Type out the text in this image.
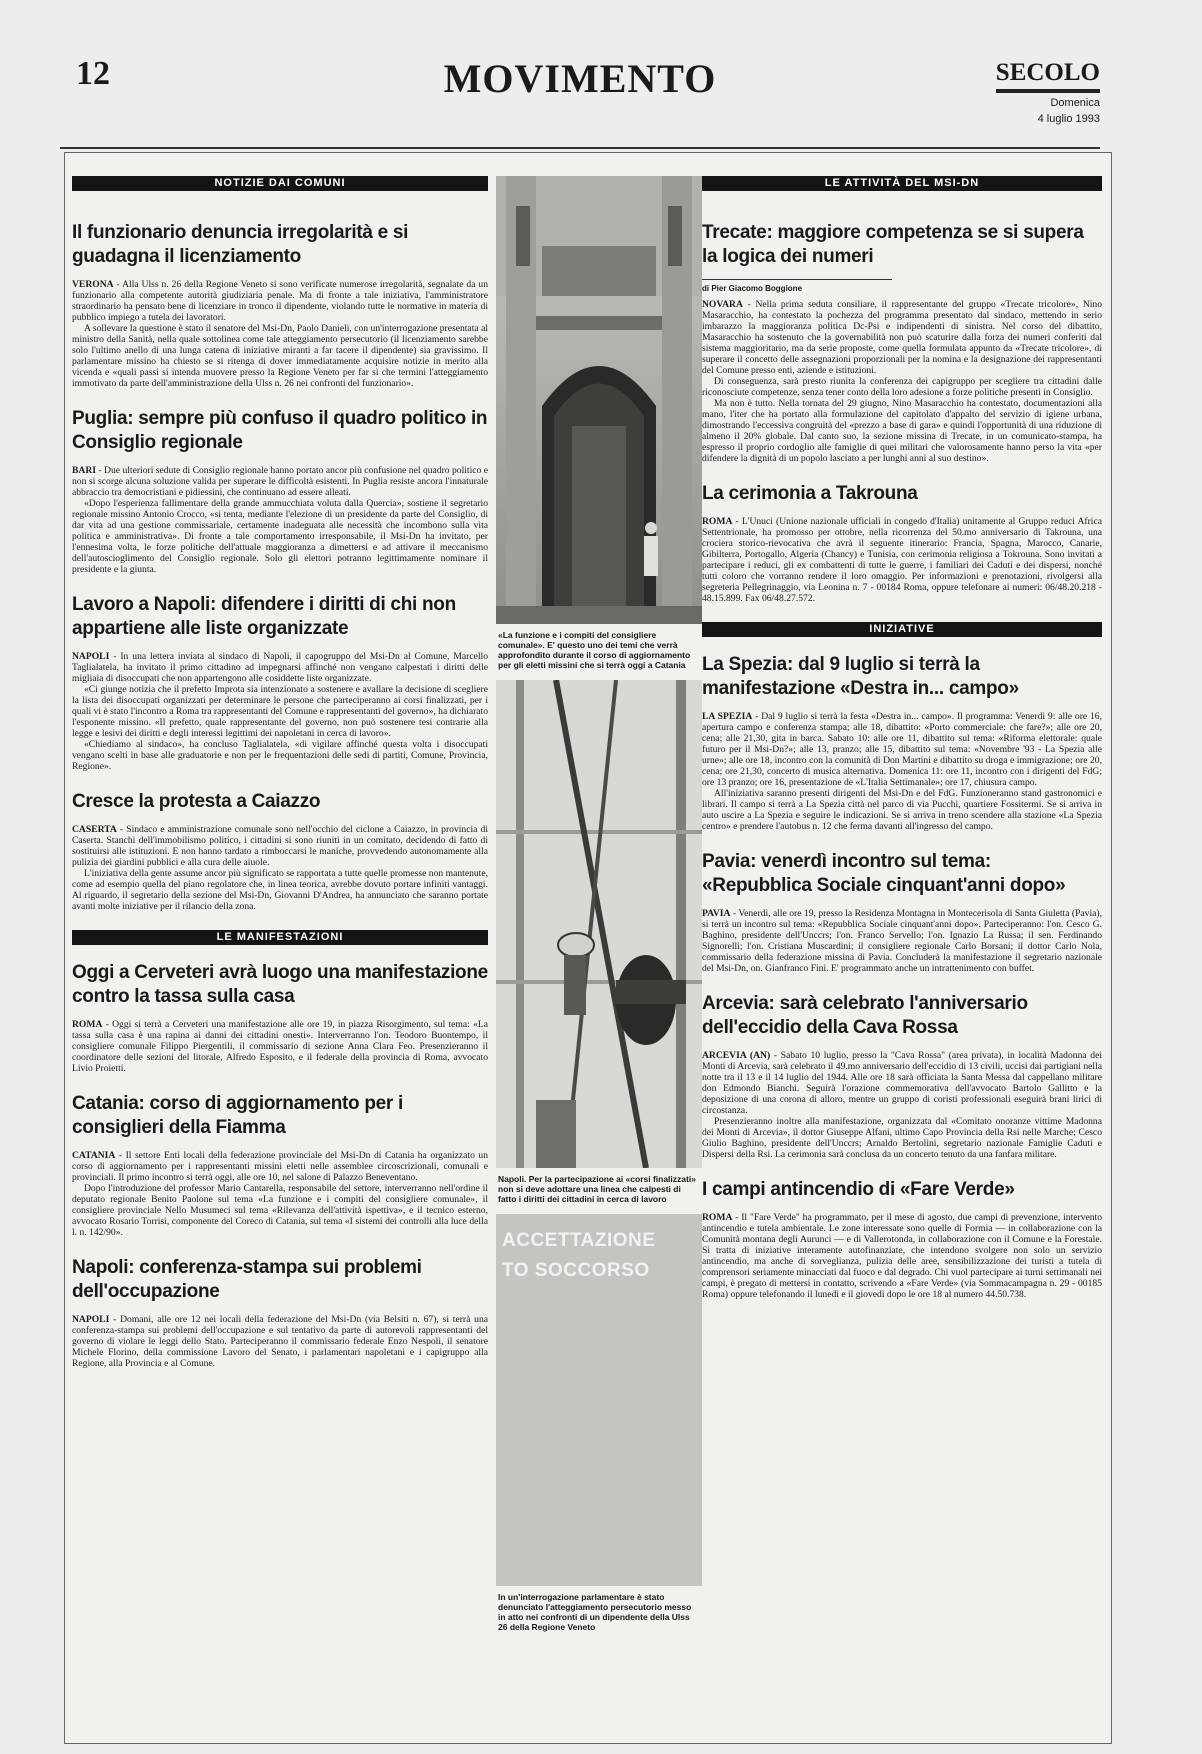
12	MOVIMENTO	SECOLO
Domenica
4 luglio 1993
NOTIZIE DAI COMUNI
Il funzionario denuncia irregolarità e si guadagna il licenziamento

VERONA - Alla Ulss n. 26 della Regione Veneto si sono verificate numerose irregolarità, segnalate da un funzionario alla competente autorità giudiziaria penale. Ma di fronte a tale iniziativa, l'amministratore straordinario ha pensato bene di licenziare in tronco il dipendente, violando tutte le normative in materia di pubblico impiego a tutela dei lavoratori.

A sollevare la questione è stato il senatore del Msi-Dn, Paolo Danieli, con un'interrogazione presentata al ministro della Sanità, nella quale sottolinea come tale atteggiamento persecutorio (il licenziamento sarebbe solo l'ultimo anello di una lunga catena di iniziative miranti a far tacere il dipendente) sia gravissimo. Il parlamentare missino ha chiesto se si ritenga di dover immediatamente acquisire notizie in merito alla vicenda e «quali passi si intenda muovere presso la Regione Veneto per far sì che termini l'atteggiamento immotivato da parte dell'amministrazione della Ulss n. 26 nei confronti del funzionario».

Puglia: sempre più confuso il quadro politico in Consiglio regionale

BARI - Due ulteriori sedute di Consiglio regionale hanno portato ancor più confusione nel quadro politico e non si scorge alcuna soluzione valida per superare le difficoltà esistenti. In Puglia resiste ancora l'innaturale abbraccio tra democristiani e pidiessini, che continuano ad essere alleati.

«Dopo l'esperienza fallimentare della grande ammucchiata voluta dalla Quercia», sostiene il segretario regionale missino Antonio Crocco, «si tenta, mediante l'elezione di un presidente da parte del Consiglio, di dar vita ad una gestione commissariale, certamente inadeguata alle necessità che incombono sulla vita politica e amministrativa». Di fronte a tale comportamento irresponsabile, il Msi-Dn ha invitato, per l'ennesima volta, le forze politiche dell'attuale maggioranza a dimettersi e ad attivare il meccanismo dell'autoscioglimento del Consiglio regionale. Solo gli elettori potranno legittimamente nominare il presidente e la giunta.

Lavoro a Napoli: difendere i diritti di chi non appartiene alle liste organizzate

NAPOLI - In una lettera inviata al sindaco di Napoli, il capogruppo del Msi-Dn al Comune, Marcello Taglialatela, ha invitato il primo cittadino ad impegnarsi affinché non vengano calpestati i diritti delle migliaia di disoccupati che non appartengono alle cosiddette liste organizzate.

«Ci giunge notizia che il prefetto Improta sia intenzionato a sostenere e avallare la decisione di scegliere la lista dei disoccupati organizzati per determinare le persone che parteciperanno ai corsi finalizzati, per i quali vi è stato l'incontro a Roma tra rappresentanti del Comune e rappresentanti del governo», ha dichiarato l'esponente missino. «Il prefetto, quale rappresentante del governo, non può sostenere tesi contrarie alla legge e lesivi dei diritti e degli interessi legittimi dei napoletani in cerca di lavoro».

«Chiediamo al sindaco», ha concluso Taglialatela, «di vigilare affinché questa volta i disoccupati vengano scelti in base alle graduatorie e non per le frequentazioni delle sedi di partiti, Comune, Provincia, Regione».

Cresce la protesta a Caiazzo

CASERTA - Sindaco e amministrazione comunale sono nell'occhio del ciclone a Caiazzo, in provincia di Caserta. Stanchi dell'immobilismo politico, i cittadini si sono riuniti in un comitato, decidendo di fatto di sostituirsi alle istituzioni. E non hanno tardato a rimboccarsi le maniche, provvedendo autonomamente alla pulizia dei giardini pubblici e alla cura delle aiuole.

L'iniziativa della gente assume ancor più significato se rapportata a tutte quelle promesse non mantenute, come ad esempio quella del piano regolatore che, in linea teorica, avrebbe dovuto portare infiniti vantaggi. Al riguardo, il segretario della sezione del Msi-Dn, Giovanni D'Andrea, ha annunciato che saranno portate avanti molte iniziative per il rilancio della zona.

LE MANIFESTAZIONI
Oggi a Cerveteri avrà luogo una manifestazione contro la tassa sulla casa

ROMA - Oggi si terrà a Cerveteri una manifestazione alle ore 19, in piazza Risorgimento, sul tema: «La tassa sulla casa è una rapina ai danni dei cittadini onesti». Interverranno l'on. Teodoro Buontempo, il consigliere comunale Filippo Piergentili, il commissario di sezione Anna Clara Feo. Presenzieranno il coordinatore delle sezioni del litorale, Alfredo Esposito, e il federale della provincia di Roma, avvocato Livio Proietti.

Catania: corso di aggiornamento per i consiglieri della Fiamma

CATANIA - Il settore Enti locali della federazione provinciale del Msi-Dn di Catania ha organizzato un corso di aggiornamento per i rappresentanti missini eletti nelle assemblee circoscrizionali, comunali e provinciali. Il primo incontro si terrà oggi, alle ore 10, nel salone di Palazzo Beneventano.

Dopo l'introduzione del professor Mario Cantarella, responsabile del settore, interverranno nell'ordine il deputato regionale Benito Paolone sul tema «La funzione e i compiti del consigliere comunale», il consigliere provinciale Nello Musumeci sul tema «Rilevanza dell'attività ispettiva», e il tecnico esterno, avvocato Rosario Torrisi, componente del Coreco di Catania, sul tema «I sistemi dei controlli alla luce della l. n. 142/90».

Napoli: conferenza-stampa sui problemi dell'occupazione

NAPOLI - Domani, alle ore 12 nei locali della federazione del Msi-Dn (via Belsiti n. 67), si terrà una conferenza-stampa sui problemi dell'occupazione e sul tentativo da parte di autorevoli rappresentanti del governo di violare le leggi dello Stato. Parteciperanno il commissario federale Enzo Nespoli, il senatore Michele Florino, della commissione Lavoro del Senato, i parlamentari napoletani e i capigruppo alla Regione, alla Provincia e al Comune.

«La funzione e i compiti del consigliere comunale». E' questo uno dei temi che verrà approfondito durante il corso di aggiornamento per gli eletti missini che si terrà oggi a Catania
Napoli. Per la partecipazione ai «corsi finalizzati» non si deve adottare una linea che calpesti di fatto i diritti dei cittadini in cerca di lavoro
ACCETTAZIONE
TO SOCCORSO
In un'interrogazione parlamentare è stato denunciato l'atteggiamento persecutorio messo in atto nei confronti di un dipendente della Ulss 26 della Regione Veneto
LE ATTIVITÀ DEL MSI-DN
Trecate: maggiore competenza se si supera la logica dei numeri
di Pier Giacomo Boggione

NOVARA - Nella prima seduta consiliare, il rappresentante del gruppo «Trecate tricolore», Nino Masaracchio, ha contestato la pochezza del programma presentato dal sindaco, mettendo in serio imbarazzo la maggioranza politica Dc-Psi e indipendenti di sinistra. Nel corso del dibattito, Masaracchio ha sostenuto che la governabilità non può scaturire dalla forza dei numeri conferiti dal sistema maggioritario, ma da serie proposte, come quella formulata appunto da «Trecate tricolore», di superare il concetto delle assegnazioni proporzionali per la nomina e la designazione dei rappresentanti del Comune presso enti, aziende e istituzioni.

Di conseguenza, sarà presto riunita la conferenza dei capigruppo per scegliere tra cittadini dalle riconosciute competenze, senza tener conto della loro adesione a forze politiche presenti in Consiglio.

Ma non è tutto. Nella tornata del 29 giugno, Nino Masaracchio ha contestato, documentazioni alla mano, l'iter che ha portato alla formulazione del capitolato d'appalto del servizio di igiene urbana, dimostrando l'eccessiva congruità del «prezzo a base di gara» e quindi l'opportunità di una riduzione di almeno il 20% globale. Dal canto suo, la sezione missina di Trecate, in un comunicato-stampa, ha espresso il proprio cordoglio alle famiglie di quei militari che valorosamente hanno perso la vita «per difendere la dignità di un popolo lasciato a per lunghi anni al suo destino».

La cerimonia a Takrouna

ROMA - L'Unuci (Unione nazionale ufficiali in congedo d'Italia) unitamente al Gruppo reduci Africa Settentrionale, ha promosso per ottobre, nella ricorrenza del 50.mo anniversario di Takrouna, una crociera storico-rievocativa che avrà il seguente itinerario: Francia, Spagna, Marocco, Canarie, Gibilterra, Portogallo, Algeria (Chancy) e Tunisia, con cerimonia religiosa a Tokrouna. Sono invitati a partecipare i reduci, gli ex combattenti di tutte le guerre, i familiari dei Caduti e dei dispersi, nonché tutti coloro che vorranno rendere il loro omaggio. Per informazioni e prenotazioni, rivolgersi alla segreteria Pellegrinaggio, via Leonina n. 7 - 00184 Roma, oppure telefonare ai numeri: 06/48.20.218 - 48.15.899. Fax 06/48.27.572.

INIZIATIVE
La Spezia: dal 9 luglio si terrà la manifestazione «Destra in... campo»

LA SPEZIA - Dal 9 luglio si terrà la festa «Destra in... campo». Il programma: Venerdì 9: alle ore 16, apertura campo e conferenza stampa; alle 18, dibattito: «Porto commerciale: che fare?»; alle ore 20, cena; alle 21,30, gita in barca. Sabato 10: alle ore 11, dibattito sul tema: «Riforma elettorale: quale futuro per il Msi-Dn?»; alle 13, pranzo; alle 15, dibattito sul tema: «Novembre '93 - La Spezia alle urne»; alle ore 18, incontro con la comunità di Don Martini e dibattito su droga e immigrazione; ore 20, cena; ore 21,30, concerto di musica alternativa. Domenica 11: ore 11, incontro con i dirigenti del FdG; ore 13 pranzo; ore 16, presentazione de «L'Italia Settimanale»; ore 17, chiusura campo.

All'iniziativa saranno presenti dirigenti del Msi-Dn e del FdG. Funzioneranno stand gastronomici e librari. Il campo si terrà a La Spezia città nel parco di via Pucchi, quartiere Fossitermi. Se si arriva in auto uscire a La Spezia e seguire le indicazioni. Se si arriva in treno scendere alla stazione «La Spezia centro» e prendere l'autobus n. 12 che ferma davanti all'ingresso del campo.

Pavia: venerdì incontro sul tema: «Repubblica Sociale cinquant'anni dopo»

PAVIA - Venerdì, alle ore 19, presso la Residenza Montagna in Montecerisola di Santa Giuletta (Pavia), si terrà un incontro sul tema: «Repubblica Sociale cinquant'anni dopo». Parteciperanno: l'on. Cesco G. Baghino, presidente dell'Unccrs; l'on. Franco Servello; l'on. Ignazio La Russa; il sen. Ferdinando Signorelli; l'on. Cristiana Muscardini; il consigliere regionale Carlo Borsani; il dottor Carlo Nola, commissario della federazione missina di Pavia. Concluderà la manifestazione il segretario nazionale del Msi-Dn, on. Gianfranco Fini. E' programmato anche un intrattenimento con buffet.

Arcevia: sarà celebrato l'anniversario dell'eccidio della Cava Rossa

ARCEVIA (AN) - Sabato 10 luglio, presso la "Cava Rossa" (area privata), in località Madonna dei Monti di Arcevia, sarà celebrato il 49.mo anniversario dell'eccidio di 13 civili, uccisi dai partigiani nella notte tra il 13 e il 14 luglio del 1944. Alle ore 18 sarà officiata la Santa Messa dal cappellano militare don Edmondo Bianchi. Seguirà l'orazione commemorativa dell'avvocato Bartolo Gallitto e la deposizione di una corona di alloro, mentre un gruppo di coristi professionali eseguirà brani lirici di circostanza.

Presenzieranno inoltre alla manifestazione, organizzata dal «Comitato onoranze vittime Madonna dei Monti di Arcevia», il dottor Giuseppe Alfani, ultimo Capo Provincia della Rsi nelle Marche; Cesco Giulio Baghino, presidente dell'Unccrs; Arnaldo Bertolini, segretario nazionale Famiglie Caduti e Dispersi della Rsi. La cerimonia sarà conclusa da un concerto tenuto da una fanfara militare.

I campi antincendio di «Fare Verde»

ROMA - Il "Fare Verde" ha programmato, per il mese di agosto, due campi di prevenzione, intervento antincendio e tutela ambientale. Le zone interessate sono quelle di Formia — in collaborazione con la Comunità montana degli Aurunci — e di Vallerotonda, in collaborazione con il Comune e la Forestale. Si tratta di iniziative interamente autofinanziate, che intendono svolgere non solo un servizio antincendio, ma anche di sorveglianza, pulizia delle aree, sensibilizzazione dei turisti a tutela di comprensori seriamente minacciati dal fuoco e dal degrado. Chi vuol partecipare ai turni settimanali nei campi, è pregato di mettersi in contatto, scrivendo a «Fare Verde» (via Sommacampagna n. 29 - 00185 Roma) oppure telefonando il lunedì e il giovedì dopo le ore 18 al numero 44.50.738.
